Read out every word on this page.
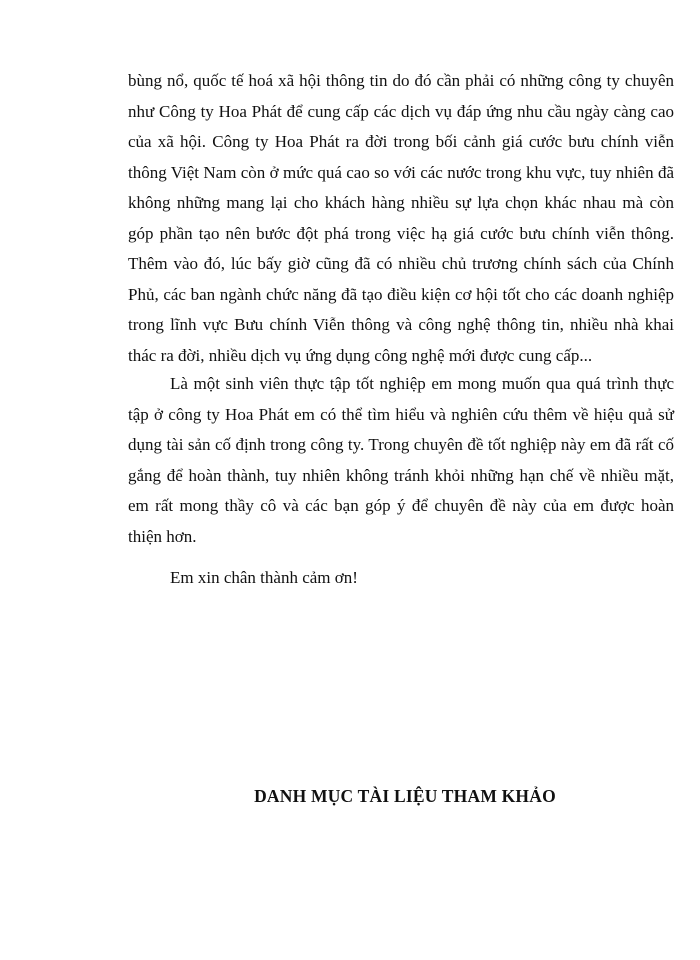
bùng nổ, quốc tế hoá xã hội thông tin do đó cần phải có những công ty chuyên như Công ty Hoa Phát để cung cấp các dịch vụ đáp ứng nhu cầu ngày càng cao của xã hội. Công ty Hoa Phát ra đời trong bối cảnh giá cước bưu chính viễn thông Việt Nam còn ở mức quá cao so với các nước trong khu vực, tuy nhiên đã không những mang lại cho khách hàng nhiều sự lựa chọn khác nhau mà còn góp phần tạo nên bước đột phá trong việc hạ giá cước bưu chính viễn thông. Thêm vào đó, lúc bấy giờ cũng đã có nhiều chủ trương chính sách của Chính Phủ, các ban ngành chức năng đã tạo điều kiện cơ hội tốt cho các doanh nghiệp trong lĩnh vực Bưu chính Viễn thông và công nghệ thông tin, nhiều nhà khai thác ra đời, nhiều dịch vụ ứng dụng công nghệ mới được cung cấp...

Là một sinh viên thực tập tốt nghiệp em mong muốn qua quá trình thực tập ở công ty Hoa Phát em có thể tìm hiểu và nghiên cứu thêm về hiệu quả sử dụng tài sản cố định trong công ty. Trong chuyên đề tốt nghiệp này em đã rất cố gắng để hoàn thành, tuy nhiên không tránh khỏi những hạn chế về nhiều mặt, em rất mong thầy cô và các bạn góp ý để chuyên đề này của em được hoàn thiện hơn.

Em xin chân thành cảm ơn!

DANH MỤC TÀI LIỆU THAM KHẢO
